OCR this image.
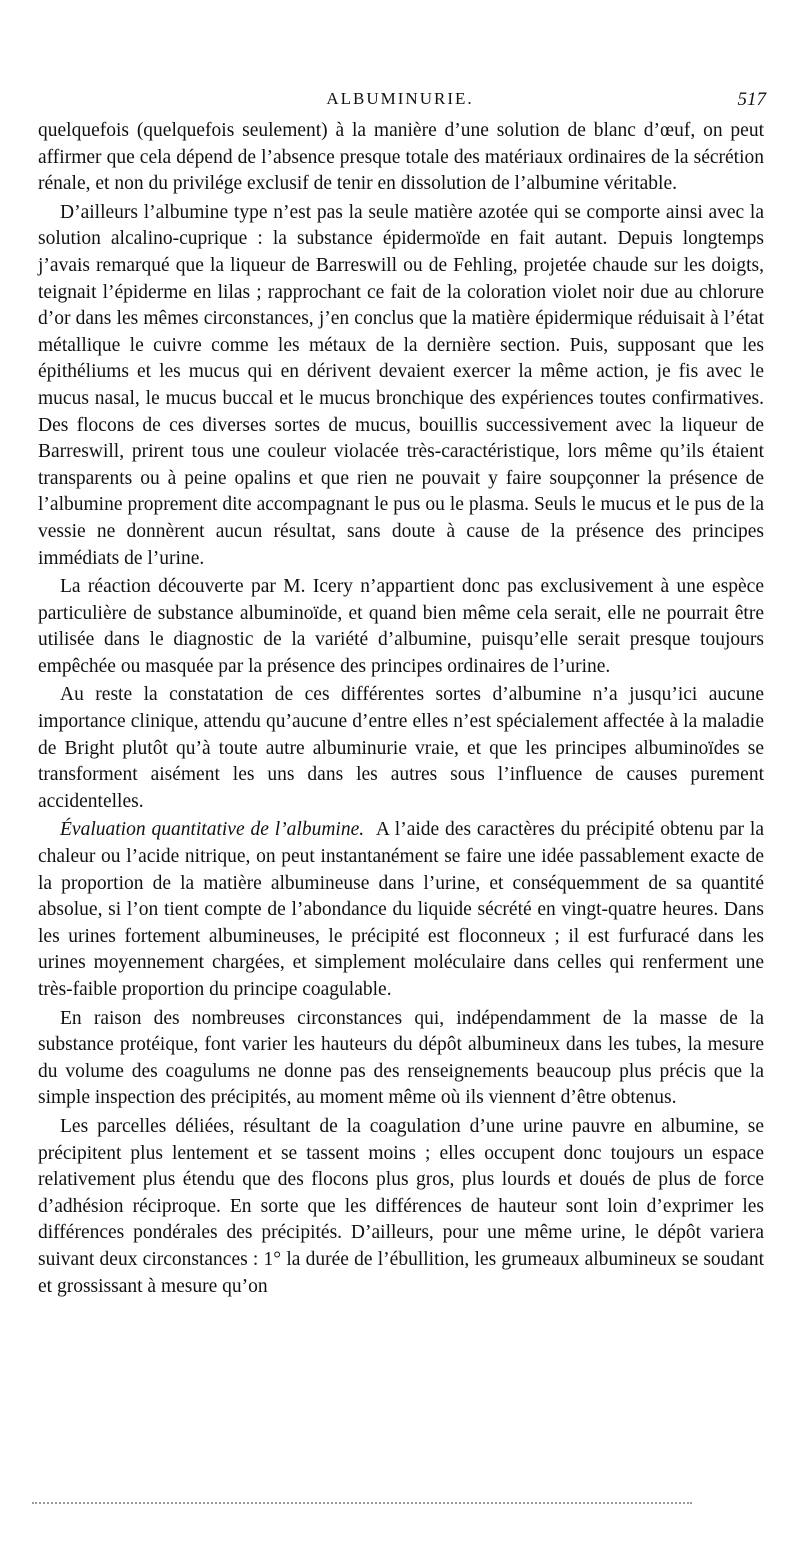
ALBUMINURIE.	517

quelquefois (quelquefois seulement) à la manière d’une solution de blanc d’œuf, on peut affirmer que cela dépend de l’absence presque totale des matériaux ordinaires de la sécrétion rénale, et non du privilége exclusif de tenir en dissolution de l’albumine véritable.

D’ailleurs l’albumine type n’est pas la seule matière azotée qui se comporte ainsi avec la solution alcalino-cuprique : la substance épidermoïde en fait autant. Depuis longtemps j’avais remarqué que la liqueur de Barreswill ou de Fehling, projetée chaude sur les doigts, teignait l’épiderme en lilas ; rapprochant ce fait de la coloration violet noir due au chlorure d’or dans les mêmes circonstances, j’en conclus que la matière épidermique réduisait à l’état métallique le cuivre comme les métaux de la dernière section. Puis, supposant que les épithéliums et les mucus qui en dérivent devaient exercer la même action, je fis avec le mucus nasal, le mucus buccal et le mucus bronchique des expériences toutes confirmatives. Des flocons de ces diverses sortes de mucus, bouillis successivement avec la liqueur de Barreswill, prirent tous une couleur violacée très-caractéristique, lors même qu’ils étaient transparents ou à peine opalins et que rien ne pouvait y faire soupçonner la présence de l’albumine proprement dite accompagnant le pus ou le plasma. Seuls le mucus et le pus de la vessie ne donnèrent aucun résultat, sans doute à cause de la présence des principes immédiats de l’urine.

La réaction découverte par M. Icery n’appartient donc pas exclusivement à une espèce particulière de substance albuminoïde, et quand bien même cela serait, elle ne pourrait être utilisée dans le diagnostic de la variété d’albumine, puisqu’elle serait presque toujours empêchée ou masquée par la présence des principes ordinaires de l’urine.

Au reste la constatation de ces différentes sortes d’albumine n’a jusqu’ici aucune importance clinique, attendu qu’aucune d’entre elles n’est spécialement affectée à la maladie de Bright plutôt qu’à toute autre albuminurie vraie, et que les principes albuminoïdes se transforment aisément les uns dans les autres sous l’influence de causes purement accidentelles.

Évaluation quantitative de l’albumine. A l’aide des caractères du précipité obtenu par la chaleur ou l’acide nitrique, on peut instantanément se faire une idée passablement exacte de la proportion de la matière albumineuse dans l’urine, et conséquemment de sa quantité absolue, si l’on tient compte de l’abondance du liquide sécrété en vingt-quatre heures. Dans les urines fortement albumineuses, le précipité est floconneux ; il est furfuracé dans les urines moyennement chargées, et simplement moléculaire dans celles qui renferment une très-faible proportion du principe coagulable.

En raison des nombreuses circonstances qui, indépendamment de la masse de la substance protéique, font varier les hauteurs du dépôt albumineux dans les tubes, la mesure du volume des coagulums ne donne pas des renseignements beaucoup plus précis que la simple inspection des précipités, au moment même où ils viennent d’être obtenus.

Les parcelles déliées, résultant de la coagulation d’une urine pauvre en albumine, se précipitent plus lentement et se tassent moins ; elles occupent donc toujours un espace relativement plus étendu que des flocons plus gros, plus lourds et doués de plus de force d’adhésion réciproque. En sorte que les différences de hauteur sont loin d’exprimer les différences pondérales des précipités. D’ailleurs, pour une même urine, le dépôt variera suivant deux circonstances : 1° la durée de l’ébullition, les grumeaux albumineux se soudant et grossissant à mesure qu’on
